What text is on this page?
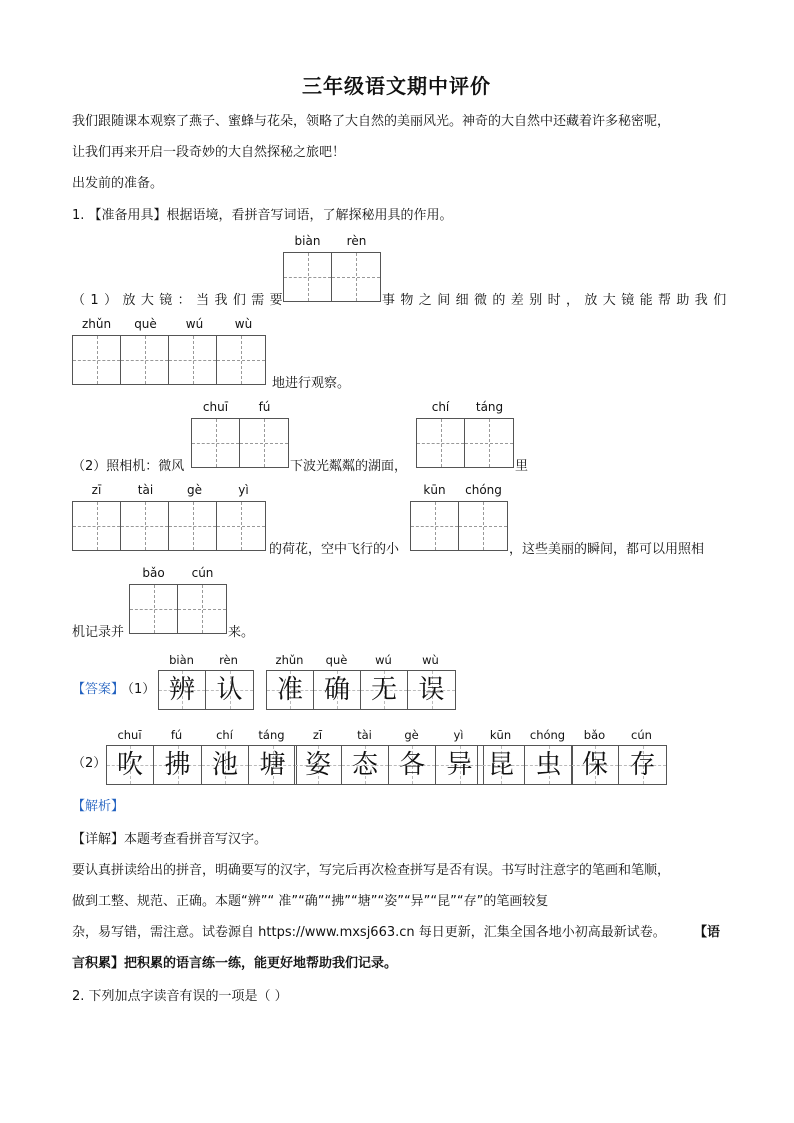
三年级语文期中评价
我们跟随课本观察了燕子、蜜蜂与花朵，领略了大自然的美丽风光。神奇的大自然中还藏着许多秘密呢，
让我们再来开启一段奇妙的大自然探秘之旅吧！
出发前的准备。
1. 【准备用具】根据语境，看拼音写词语，了解探秘用具的作用。
biàn	rèn
（1）放大镜：当我们需要	事物之间细微的差别时，放大镜能帮助我们
zhǔn	què	wú	wù
地进行观察。
chuī	fú	chí	táng
（2）照相机：微风	下波光粼粼的湖面，	里
zī	tài	gè	yì
的荷花，空中飞行的小
kūn	chóng
，这些美丽的瞬间，都可以用照相
bǎo	cún
机记录并	来。
【答案】
（1）
biàn	rèn
辨 认
zhǔn	què	wú	wù
准 确 无 误
（2）
chuī	fú
吹 拂
chí	táng
池 塘
zī	tài	gè	yì
姿 态 各 异
kūn	chóng
昆 虫
bǎo	cún
保 存
【解析】
【详解】本题考查看拼音写汉字。
要认真拼读给出的拼音，明确要写的汉字，写完后再次检查拼写是否有误。书写时注意字的笔画和笔顺，
做到工整、规范、正确。本题“辨”“ 准”“确”“拂”“塘”“姿”“异”“昆”“存”的笔画较复
杂，易写错，需注意。试卷源自 https://www.mxsj663.cn 每日更新，汇集全国各地小初高最新试卷。 【语
言积累】把积累的语言练一练，能更好地帮助我们记录。
2. 下列加点字读音有误的一项是（ ）
